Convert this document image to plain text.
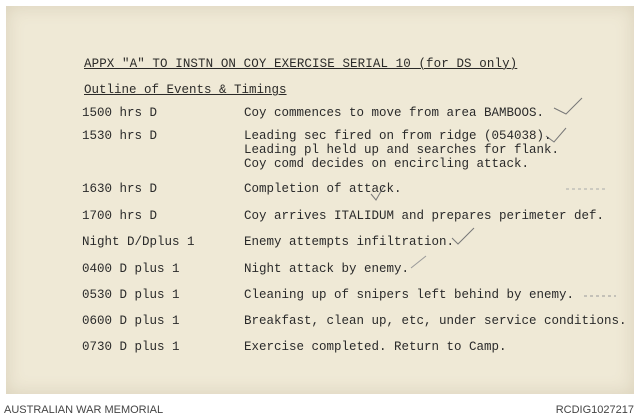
APPX "A" TO INSTN ON COY EXERCISE SERIAL 10 (for DS only)
Outline of Events & Timings
1500 hrs D	Coy commences to move from area BAMBOOS.
1530 hrs D	Leading sec fired on from ridge (054038).
Leading pl held up and searches for flank.
Coy comd decides on encircling attack.
1630 hrs D	Completion of attack.
1700 hrs D	Coy arrives ITALIDUM and prepares perimeter def.
Night D/Dplus 1	Enemy attempts infiltration.
0400 D plus 1	Night attack by enemy.
0530 D plus 1	Cleaning up of snipers left behind by enemy.
0600 D plus 1	Breakfast, clean up, etc, under service conditions.
0730 D plus 1	Exercise completed. Return to Camp.
AUSTRALIAN WAR MEMORIAL	RCDIG1027217
